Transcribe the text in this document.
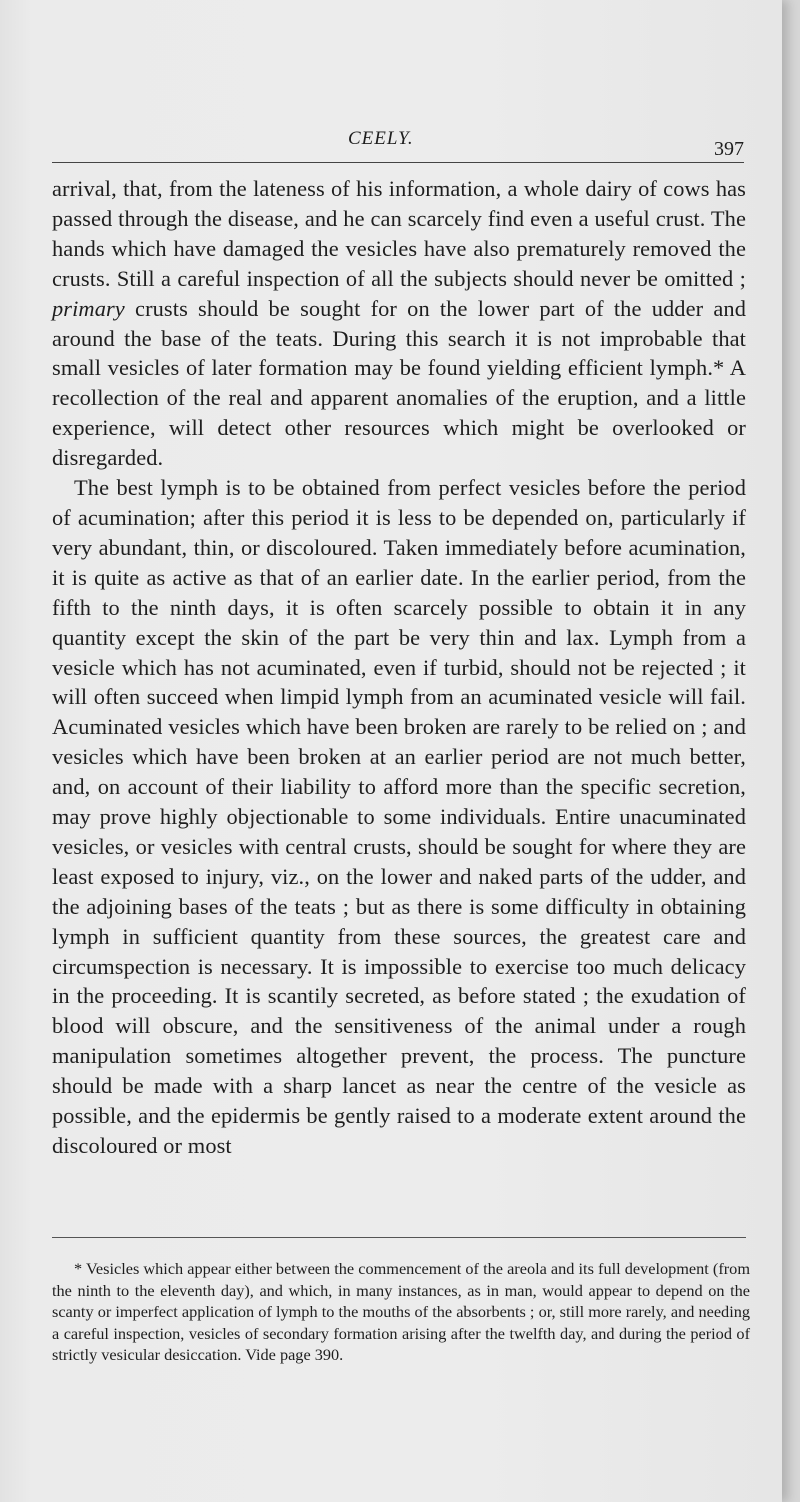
CEELY.	397

arrival, that, from the lateness of his information, a whole dairy of cows has passed through the disease, and he can scarcely find even a useful crust. The hands which have damaged the vesicles have also prematurely removed the crusts. Still a careful inspection of all the subjects should never be omitted ; primary crusts should be sought for on the lower part of the udder and around the base of the teats. During this search it is not improbable that small vesicles of later formation may be found yielding efficient lymph.* A recollection of the real and apparent anomalies of the eruption, and a little experience, will detect other resources which might be overlooked or disregarded.

The best lymph is to be obtained from perfect vesicles before the period of acumination; after this period it is less to be depended on, particularly if very abundant, thin, or discoloured. Taken immediately before acumination, it is quite as active as that of an earlier date. In the earlier period, from the fifth to the ninth days, it is often scarcely possible to obtain it in any quantity except the skin of the part be very thin and lax. Lymph from a vesicle which has not acuminated, even if turbid, should not be rejected ; it will often succeed when limpid lymph from an acuminated vesicle will fail. Acuminated vesicles which have been broken are rarely to be relied on ; and vesicles which have been broken at an earlier period are not much better, and, on account of their liability to afford more than the specific secretion, may prove highly objectionable to some individuals. Entire unacuminated vesicles, or vesicles with central crusts, should be sought for where they are least exposed to injury, viz., on the lower and naked parts of the udder, and the adjoining bases of the teats ; but as there is some difficulty in obtaining lymph in sufficient quantity from these sources, the greatest care and circumspection is necessary. It is impossible to exercise too much delicacy in the proceeding. It is scantily secreted, as before stated ; the exudation of blood will obscure, and the sensitiveness of the animal under a rough manipulation sometimes altogether prevent, the process. The puncture should be made with a sharp lancet as near the centre of the vesicle as possible, and the epidermis be gently raised to a moderate extent around the discoloured or most

* Vesicles which appear either between the commencement of the areola and its full development (from the ninth to the eleventh day), and which, in many instances, as in man, would appear to depend on the scanty or imperfect application of lymph to the mouths of the absorbents ; or, still more rarely, and needing a careful inspection, vesicles of secondary formation arising after the twelfth day, and during the period of strictly vesicular desiccation. Vide page 390.
